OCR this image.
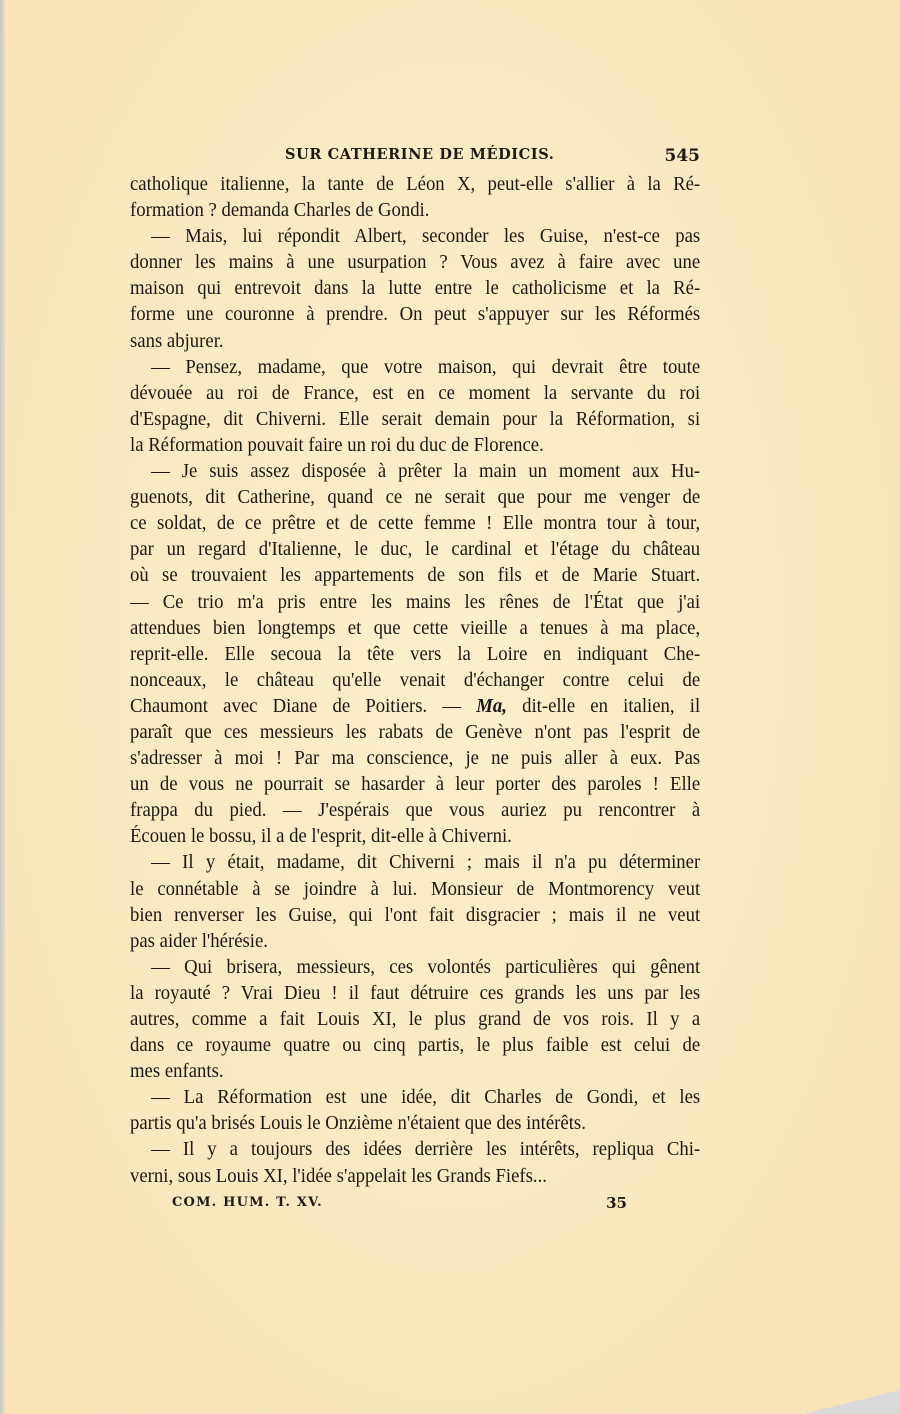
SUR CATHERINE DE MÉDICIS.	545
catholique italienne, la tante de Léon X, peut-elle s'allier à la Ré-
formation ? demanda Charles de Gondi.
— Mais, lui répondit Albert, seconder les Guise, n'est-ce pas
donner les mains à une usurpation ? Vous avez à faire avec une
maison qui entrevoit dans la lutte entre le catholicisme et la Ré-
forme une couronne à prendre. On peut s'appuyer sur les Réformés
sans abjurer.
— Pensez, madame, que votre maison, qui devrait être toute
dévouée au roi de France, est en ce moment la servante du roi
d'Espagne, dit Chiverni. Elle serait demain pour la Réformation, si
la Réformation pouvait faire un roi du duc de Florence.
— Je suis assez disposée à prêter la main un moment aux Hu-
guenots, dit Catherine, quand ce ne serait que pour me venger de
ce soldat, de ce prêtre et de cette femme ! Elle montra tour à tour,
par un regard d'Italienne, le duc, le cardinal et l'étage du château
où se trouvaient les appartements de son fils et de Marie Stuart.
— Ce trio m'a pris entre les mains les rênes de l'État que j'ai
attendues bien longtemps et que cette vieille a tenues à ma place,
reprit-elle. Elle secoua la tête vers la Loire en indiquant Che-
nonceaux, le château qu'elle venait d'échanger contre celui de
Chaumont avec Diane de Poitiers. — Ma, dit-elle en italien, il
paraît que ces messieurs les rabats de Genève n'ont pas l'esprit de
s'adresser à moi ! Par ma conscience, je ne puis aller à eux. Pas
un de vous ne pourrait se hasarder à leur porter des paroles ! Elle
frappa du pied. — J'espérais que vous auriez pu rencontrer à
Écouen le bossu, il a de l'esprit, dit-elle à Chiverni.
— Il y était, madame, dit Chiverni ; mais il n'a pu déterminer
le connétable à se joindre à lui. Monsieur de Montmorency veut
bien renverser les Guise, qui l'ont fait disgracier ; mais il ne veut
pas aider l'hérésie.
— Qui brisera, messieurs, ces volontés particulières qui gênent
la royauté ? Vrai Dieu ! il faut détruire ces grands les uns par les
autres, comme a fait Louis XI, le plus grand de vos rois. Il y a
dans ce royaume quatre ou cinq partis, le plus faible est celui de
mes enfants.
— La Réformation est une idée, dit Charles de Gondi, et les
partis qu'a brisés Louis le Onzième n'étaient que des intérêts.
— Il y a toujours des idées derrière les intérêts, repliqua Chi-
verni, sous Louis XI, l'idée s'appelait les Grands Fiefs...
COM. HUM. T. XV.	35
